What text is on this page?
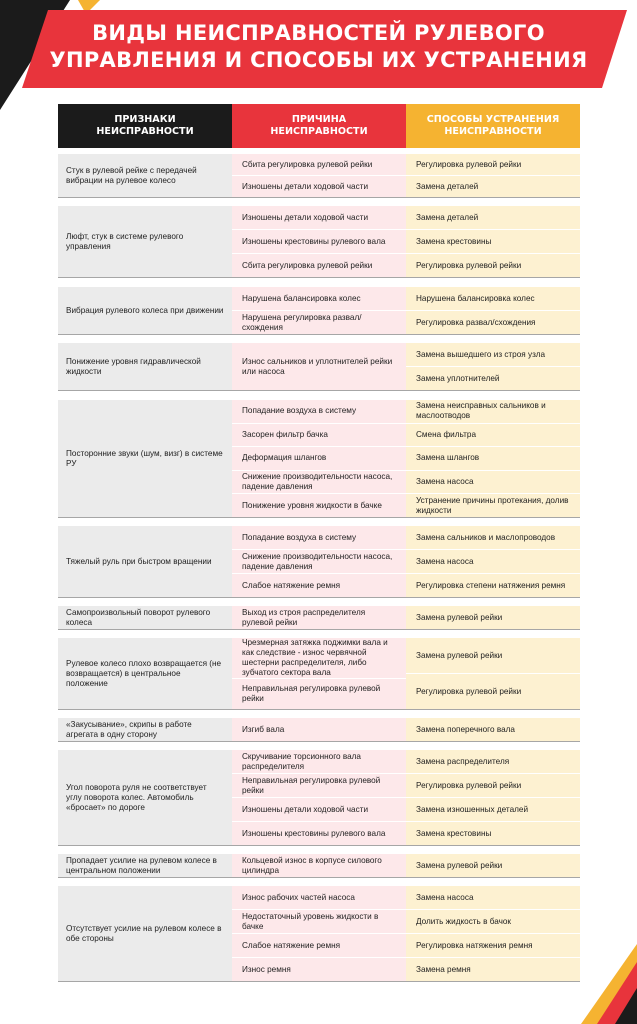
ВИДЫ НЕИСПРАВНОСТЕЙ РУЛЕВОГО
УПРАВЛЕНИЯ И СПОСОБЫ ИХ УСТРАНЕНИЯ
ПРИЗНАКИ
НЕИСПРАВНОСТИ
ПРИЧИНА
НЕИСПРАВНОСТИ
СПОСОБЫ УСТРАНЕНИЯ
НЕИСПРАВНОСТИ
Стук в рулевой рейке с передачей вибрации на рулевое колесо
Сбита регулировка рулевой рейки
Изношены детали ходовой части
Регулировка рулевой рейки
Замена деталей
Люфт, стук в системе рулевого управления
Изношены детали ходовой части
Изношены крестовины рулевого вала
Сбита регулировка рулевой рейки
Замена деталей
Замена крестовины
Регулировка рулевой рейки
Вибрация рулевого колеса при движении
Нарушена балансировка колес
Нарушена регулировка развал/схождения
Нарушена балансировка колес
Регулировка развал/схождения
Понижение уровня гидравлической жидкости
Износ сальников и уплотнителей рейки или насоса
Замена вышедшего из строя узла
Замена уплотнителей
Посторонние звуки (шум, визг) в системе РУ
Попадание воздуха в систему
Засорен фильтр бачка
Деформация шлангов
Снижение производительности насоса, падение давления
Понижение уровня жидкости в бачке
Замена неисправных сальников и маслоотводов
Смена фильтра
Замена шлангов
Замена насоса
Устранение причины протекания, долив жидкости
Тяжелый руль при быстром вращении
Попадание воздуха в систему
Снижение производительности насоса, падение давления
Слабое натяжение ремня
Замена сальников и маслопроводов
Замена насоса
Регулировка степени натяжения ремня
Самопроизвольный поворот рулевого колеса
Выход из строя распределителя рулевой рейки
Замена рулевой рейки
Рулевое колесо плохо возвращается (не возвращается) в центральное положение
Чрезмерная затяжка поджимки вала и как следствие - износ червячной шестерни распределителя, либо зубчатого сектора вала
Неправильная регулировка рулевой рейки
Замена рулевой рейки
Регулировка рулевой рейки
«Закусывание», скрипы в работе агрегата в одну сторону
Изгиб вала	Замена поперечного вала
Угол поворота руля не соответствует углу поворота колес. Автомобиль «бросает» по дороге
Скручивание торсионного вала распределителя
Неправильная регулировка рулевой рейки
Изношены детали ходовой части
Изношены крестовины рулевого вала
Замена распределителя
Регулировка рулевой рейки
Замена изношенных деталей
Замена крестовины
Пропадает усилие на рулевом колесе в центральном положении
Кольцевой износ в корпусе силового цилиндра
Замена рулевой рейки
Отсутствует усилие на рулевом колесе в обе стороны
Износ рабочих частей насоса
Недостаточный уровень жидкости в бачке
Слабое натяжение ремня
Износ ремня
Замена насоса
Долить жидкость в бачок
Регулировка натяжения ремня
Замена ремня
